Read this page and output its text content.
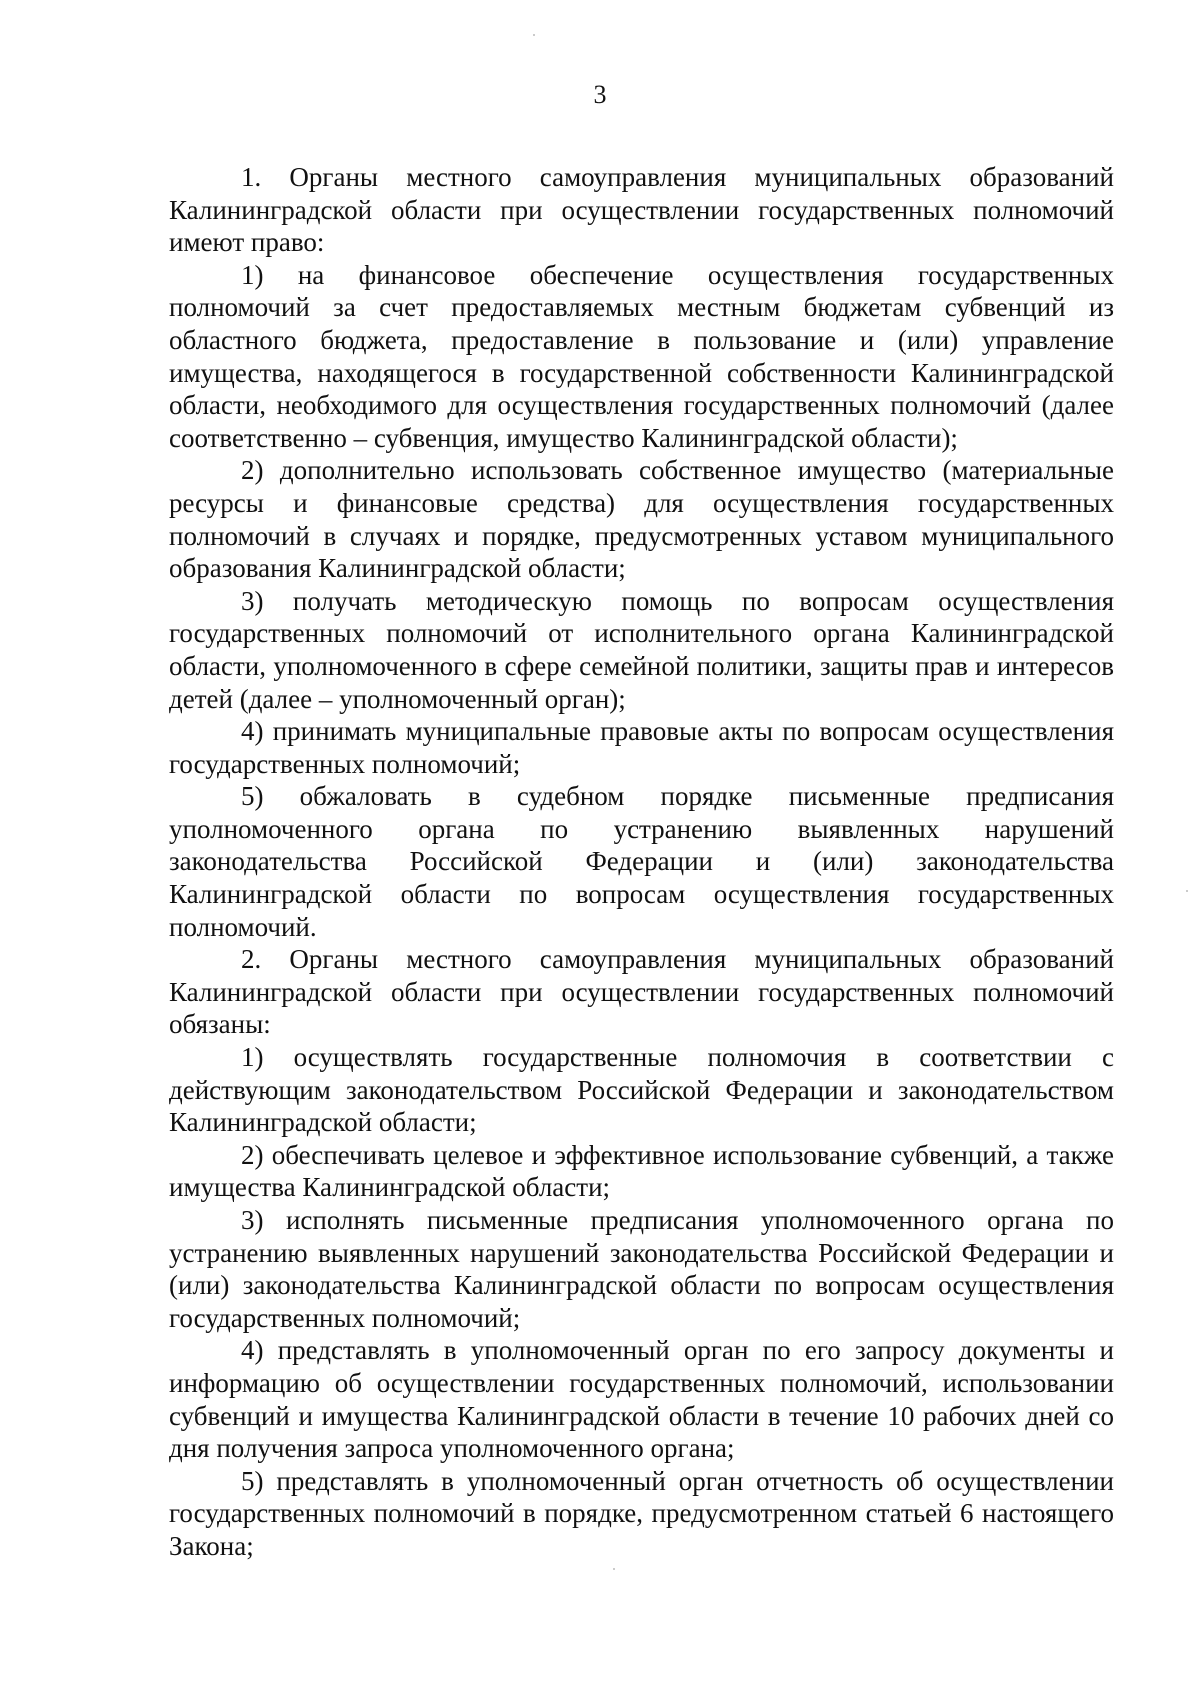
3

1. Органы местного самоуправления муниципальных образований Калининградской области при осуществлении государственных полномочий имеют право:

1) на финансовое обеспечение осуществления государственных полномочий за счет предоставляемых местным бюджетам субвенций из областного бюджета, предоставление в пользование и (или) управление имущества, находящегося в государственной собственности Калининградской области, необходимого для осуществления государственных полномочий (далее соответственно – субвенция, имущество Калининградской области);

2) дополнительно использовать собственное имущество (материальные ресурсы и финансовые средства) для осуществления государственных полномочий в случаях и порядке, предусмотренных уставом муниципального образования Калининградской области;

3) получать методическую помощь по вопросам осуществления государственных полномочий от исполнительного органа Калининградской области, уполномоченного в сфере семейной политики, защиты прав и интересов детей (далее – уполномоченный орган);

4) принимать муниципальные правовые акты по вопросам осуществления государственных полномочий;

5) обжаловать в судебном порядке письменные предписания уполномоченного органа по устранению выявленных нарушений законодательства Российской Федерации и (или) законодательства Калининградской области по вопросам осуществления государственных полномочий.

2. Органы местного самоуправления муниципальных образований Калининградской области при осуществлении государственных полномочий обязаны:

1) осуществлять государственные полномочия в соответствии с действующим законодательством Российской Федерации и законодательством Калининградской области;

2) обеспечивать целевое и эффективное использование субвенций, а также имущества Калининградской области;

3) исполнять письменные предписания уполномоченного органа по устранению выявленных нарушений законодательства Российской Федерации и (или) законодательства Калининградской области по вопросам осуществления государственных полномочий;

4) представлять в уполномоченный орган по его запросу документы и информацию об осуществлении государственных полномочий, использовании субвенций и имущества Калининградской области в течение 10 рабочих дней со дня получения запроса уполномоченного органа;

5) представлять в уполномоченный орган отчетность об осуществлении государственных полномочий в порядке, предусмотренном статьей 6 настоящего Закона;
